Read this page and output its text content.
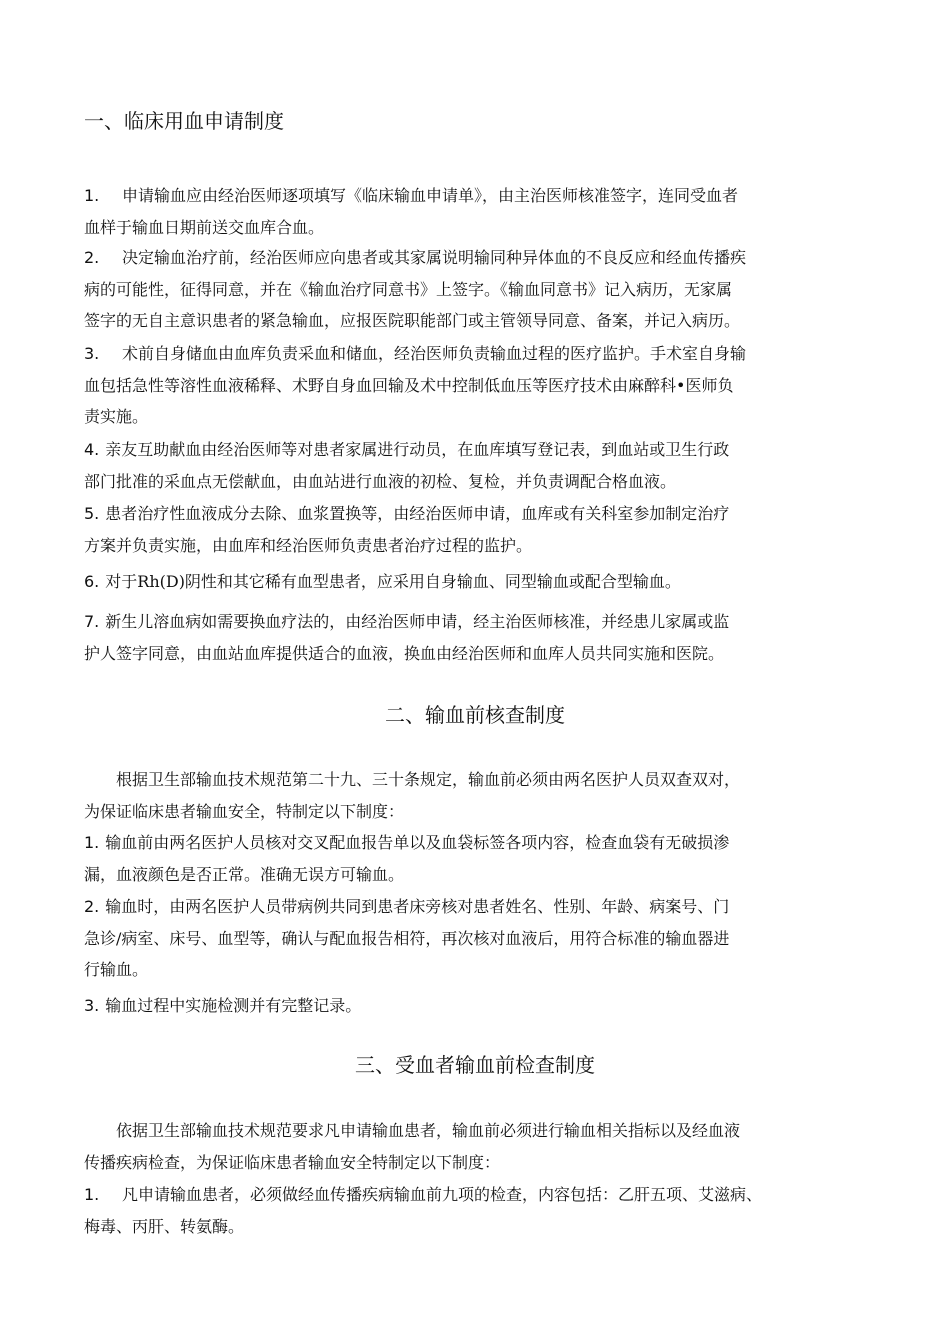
一、临床用血申请制度
1. 申请输血应由经治医师逐项填写《临床输血申请单》，由主治医师核准签字，连同受血者
血样于输血日期前送交血库合血。
2. 决定输血治疗前，经治医师应向患者或其家属说明输同种异体血的不良反应和经血传播疾
病的可能性，征得同意，并在《输血治疗同意书》上签字。《输血同意书》记入病历，无家属
签字的无自主意识患者的紧急输血，应报医院职能部门或主管领导同意、备案，并记入病历。
3. 术前自身储血由血库负责采血和储血，经治医师负责输血过程的医疗监护。手术室自身输
血包括急性等溶性血液稀释、术野自身血回输及术中控制低血压等医疗技术由麻醉科•医师负
责实施。
4. 亲友互助献血由经治医师等对患者家属进行动员，在血库填写登记表，到血站或卫生行政
部门批准的采血点无偿献血，由血站进行血液的初检、复检，并负责调配合格血液。
5. 患者治疗性血液成分去除、血浆置换等，由经治医师申请，血库或有关科室参加制定治疗
方案并负责实施，由血库和经治医师负责患者治疗过程的监护。
6. 对于Rh(D)阴性和其它稀有血型患者，应采用自身输血、同型输血或配合型输血。
7. 新生儿溶血病如需要换血疗法的，由经治医师申请，经主治医师核准，并经患儿家属或监
护人签字同意，由血站血库提供适合的血液，换血由经治医师和血库人员共同实施和医院。
二、输血前核查制度
根据卫生部输血技术规范第二十九、三十条规定，输血前必须由两名医护人员双查双对，
为保证临床患者输血安全，特制定以下制度：
1. 输血前由两名医护人员核对交叉配血报告单以及血袋标签各项内容，检查血袋有无破损渗
漏，血液颜色是否正常。准确无误方可输血。
2. 输血时，由两名医护人员带病例共同到患者床旁核对患者姓名、性别、年龄、病案号、门
急诊/病室、床号、血型等，确认与配血报告相符，再次核对血液后，用符合标准的输血器进
行输血。
3. 输血过程中实施检测并有完整记录。
三、受血者输血前检查制度
依据卫生部输血技术规范要求凡申请输血患者，输血前必须进行输血相关指标以及经血液
传播疾病检查，为保证临床患者输血安全特制定以下制度：
1. 凡申请输血患者，必须做经血传播疾病输血前九项的检查，内容包括：乙肝五项、艾滋病、
梅毒、丙肝、转氨酶。
